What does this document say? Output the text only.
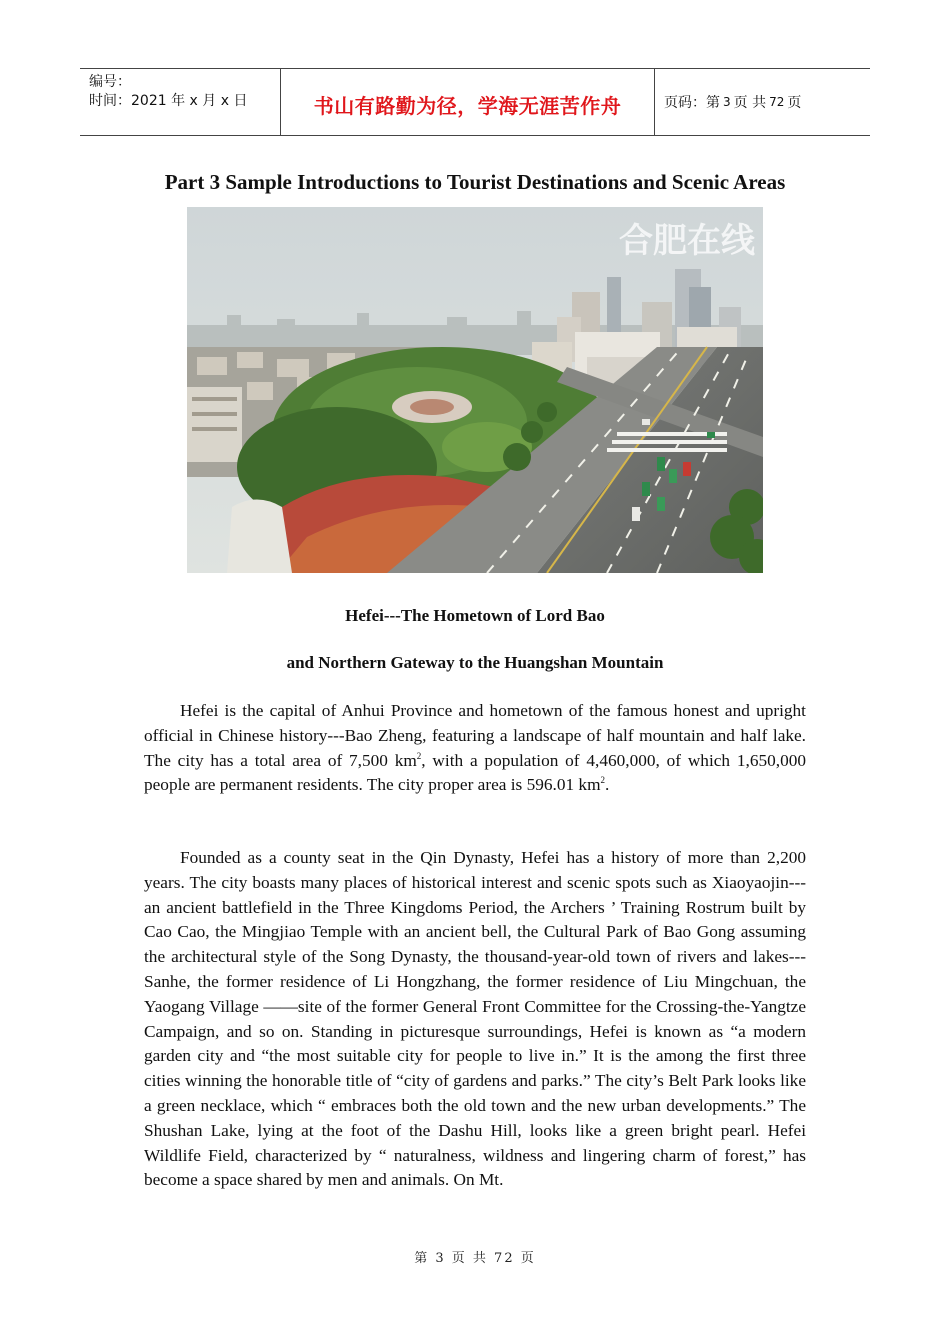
编号：
时间：2021 年 x 月 x 日	书山有路勤为径，学海无涯苦作舟	页码：第 3 页 共 72 页
Part 3 Sample Introductions to Tourist Destinations and Scenic Areas
合肥在线
Hefei---The Hometown of Lord Bao
and Northern Gateway to the Huangshan Mountain
Hefei is the capital of Anhui Province and hometown of the famous honest and upright official in Chinese history---Bao Zheng, featuring a landscape of half mountain and half lake. The city has a total area of 7,500 $km^2$, with a population of 4,460,000, of which 1,650,000 people are permanent residents. The city proper area is 596.01 $km^2$.
Founded as a county seat in the Qin Dynasty, Hefei has a history of more than 2,200 years. The city boasts many places of historical interest and scenic spots such as Xiaoyaojin---an ancient battlefield in the Three Kingdoms Period, the Archers ’ Training Rostrum built by Cao Cao, the Mingjiao Temple with an ancient bell, the Cultural Park of Bao Gong assuming the architectural style of the Song Dynasty, the thousand-year-old town of rivers and lakes---Sanhe, the former residence of Li Hongzhang, the former residence of Liu Mingchuan, the Yaogang Village ——site of the former General Front Committee for the Crossing-the-Yangtze Campaign, and so on. Standing in picturesque surroundings, Hefei is known as “a modern garden city and “the most suitable city for people to live in.” It is the among the first three cities winning the honorable title of “city of gardens and parks.” The city’s Belt Park looks like a green necklace, which “ embraces both the old town and the new urban developments.” The Shushan Lake, lying at the foot of the Dashu Hill, looks like a green bright pearl. Hefei Wildlife Field, characterized by “ naturalness, wildness and lingering charm of forest,” has become a space shared by men and animals. On Mt.
第 3 页 共 72 页
